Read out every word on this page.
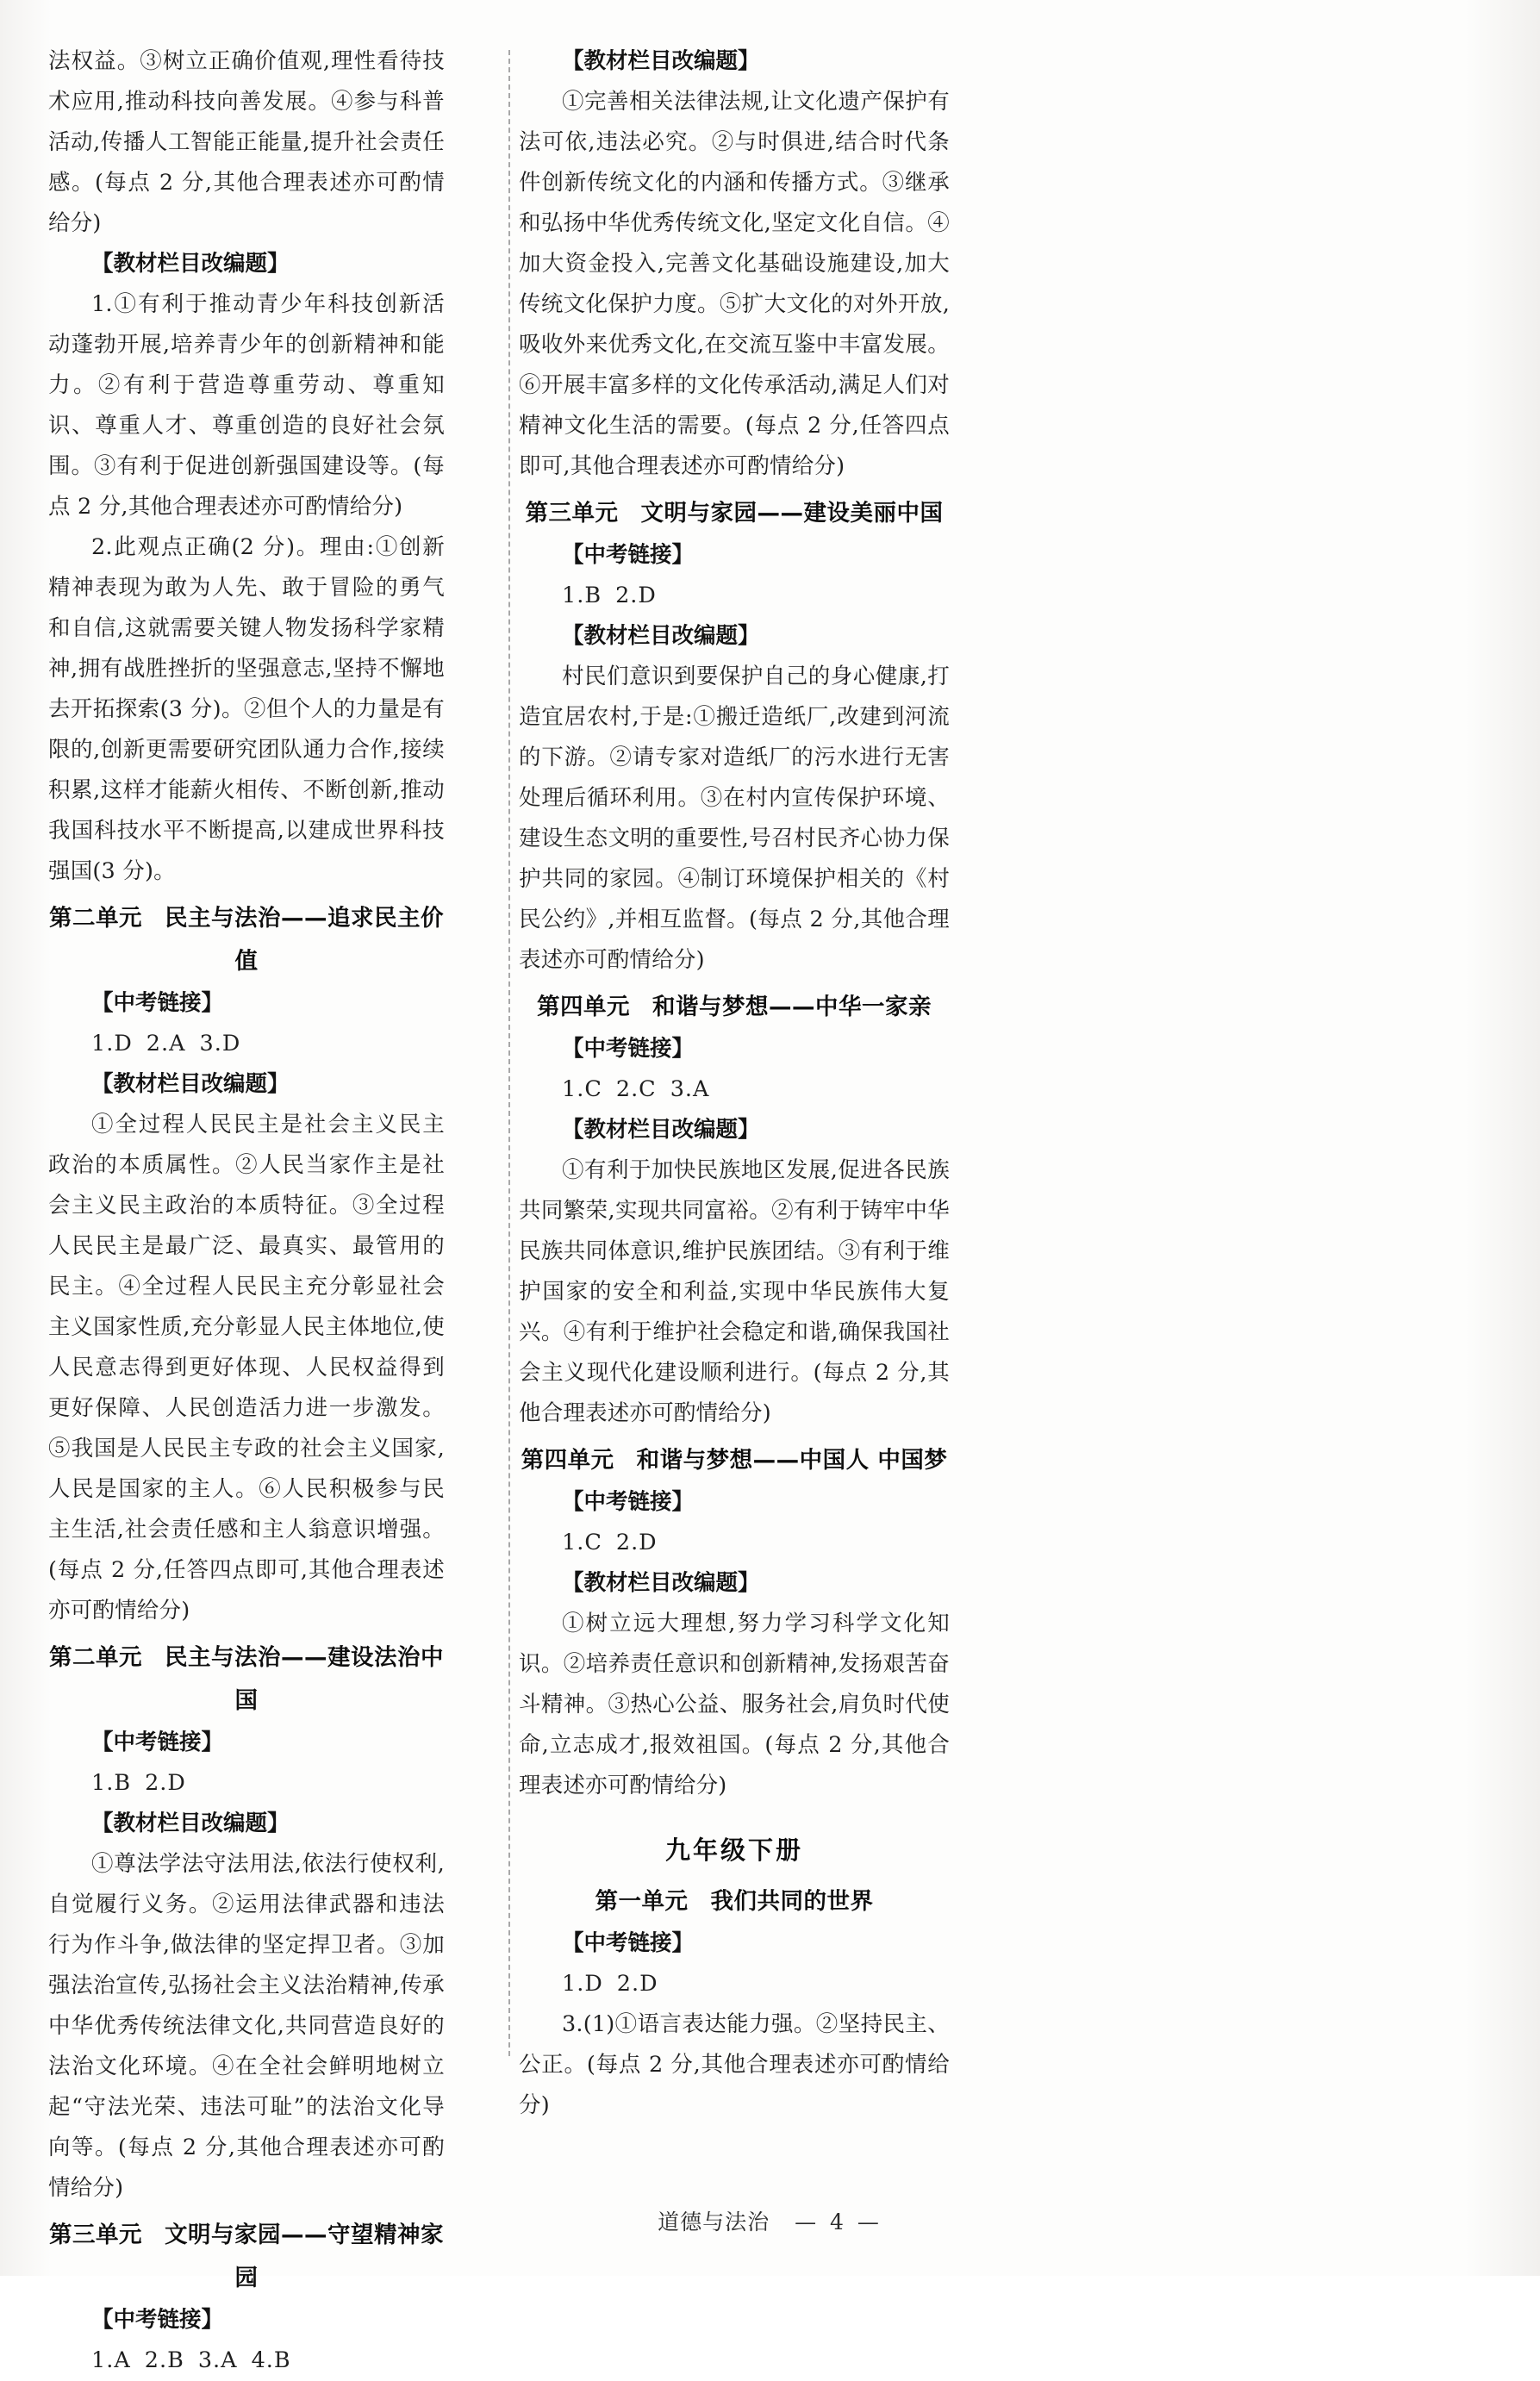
法权益。③树立正确价值观,理性看待技术应用,推动科技向善发展。④参与科普活动,传播人工智能正能量,提升社会责任感。(每点 2 分,其他合理表述亦可酌情给分)

【教材栏目改编题】

1.①有利于推动青少年科技创新活动蓬勃开展,培养青少年的创新精神和能力。②有利于营造尊重劳动、尊重知识、尊重人才、尊重创造的良好社会氛围。③有利于促进创新强国建设等。(每点 2 分,其他合理表述亦可酌情给分)

2.此观点正确(2 分)。理由:①创新精神表现为敢为人先、敢于冒险的勇气和自信,这就需要关键人物发扬科学家精神,拥有战胜挫折的坚强意志,坚持不懈地去开拓探索(3 分)。②但个人的力量是有限的,创新更需要研究团队通力合作,接续积累,这样才能薪火相传、不断创新,推动我国科技水平不断提高,以建成世界科技强国(3 分)。

第二单元 民主与法治——追求民主价值

【中考链接】

1.D 2.A 3.D

【教材栏目改编题】

①全过程人民民主是社会主义民主政治的本质属性。②人民当家作主是社会主义民主政治的本质特征。③全过程人民民主是最广泛、最真实、最管用的民主。④全过程人民民主充分彰显社会主义国家性质,充分彰显人民主体地位,使人民意志得到更好体现、人民权益得到更好保障、人民创造活力进一步激发。⑤我国是人民民主专政的社会主义国家,人民是国家的主人。⑥人民积极参与民主生活,社会责任感和主人翁意识增强。(每点 2 分,任答四点即可,其他合理表述亦可酌情给分)

第二单元 民主与法治——建设法治中国

【中考链接】

1.B 2.D

【教材栏目改编题】

①尊法学法守法用法,依法行使权利,自觉履行义务。②运用法律武器和违法行为作斗争,做法律的坚定捍卫者。③加强法治宣传,弘扬社会主义法治精神,传承中华优秀传统法律文化,共同营造良好的法治文化环境。④在全社会鲜明地树立起“守法光荣、违法可耻”的法治文化导向等。(每点 2 分,其他合理表述亦可酌情给分)

第三单元 文明与家园——守望精神家园

【中考链接】

1.A 2.B 3.A 4.B

【教材栏目改编题】

①完善相关法律法规,让文化遗产保护有法可依,违法必究。②与时俱进,结合时代条件创新传统文化的内涵和传播方式。③继承和弘扬中华优秀传统文化,坚定文化自信。④加大资金投入,完善文化基础设施建设,加大传统文化保护力度。⑤扩大文化的对外开放,吸收外来优秀文化,在交流互鉴中丰富发展。⑥开展丰富多样的文化传承活动,满足人们对精神文化生活的需要。(每点 2 分,任答四点即可,其他合理表述亦可酌情给分)

第三单元 文明与家园——建设美丽中国

【中考链接】

1.B 2.D

【教材栏目改编题】

村民们意识到要保护自己的身心健康,打造宜居农村,于是:①搬迁造纸厂,改建到河流的下游。②请专家对造纸厂的污水进行无害处理后循环利用。③在村内宣传保护环境、建设生态文明的重要性,号召村民齐心协力保护共同的家园。④制订环境保护相关的《村民公约》,并相互监督。(每点 2 分,其他合理表述亦可酌情给分)

第四单元 和谐与梦想——中华一家亲

【中考链接】

1.C 2.C 3.A

【教材栏目改编题】

①有利于加快民族地区发展,促进各民族共同繁荣,实现共同富裕。②有利于铸牢中华民族共同体意识,维护民族团结。③有利于维护国家的安全和利益,实现中华民族伟大复兴。④有利于维护社会稳定和谐,确保我国社会主义现代化建设顺利进行。(每点 2 分,其他合理表述亦可酌情给分)

第四单元 和谐与梦想——中国人 中国梦

【中考链接】

1.C 2.D

【教材栏目改编题】

①树立远大理想,努力学习科学文化知识。②培养责任意识和创新精神,发扬艰苦奋斗精神。③热心公益、服务社会,肩负时代使命,立志成才,报效祖国。(每点 2 分,其他合理表述亦可酌情给分)

九年级下册
第一单元 我们共同的世界

【中考链接】

1.D 2.D

3.(1)①语言表达能力强。②坚持民主、公正。(每点 2 分,其他合理表述亦可酌情给分)

道德与法治 — 4 —
